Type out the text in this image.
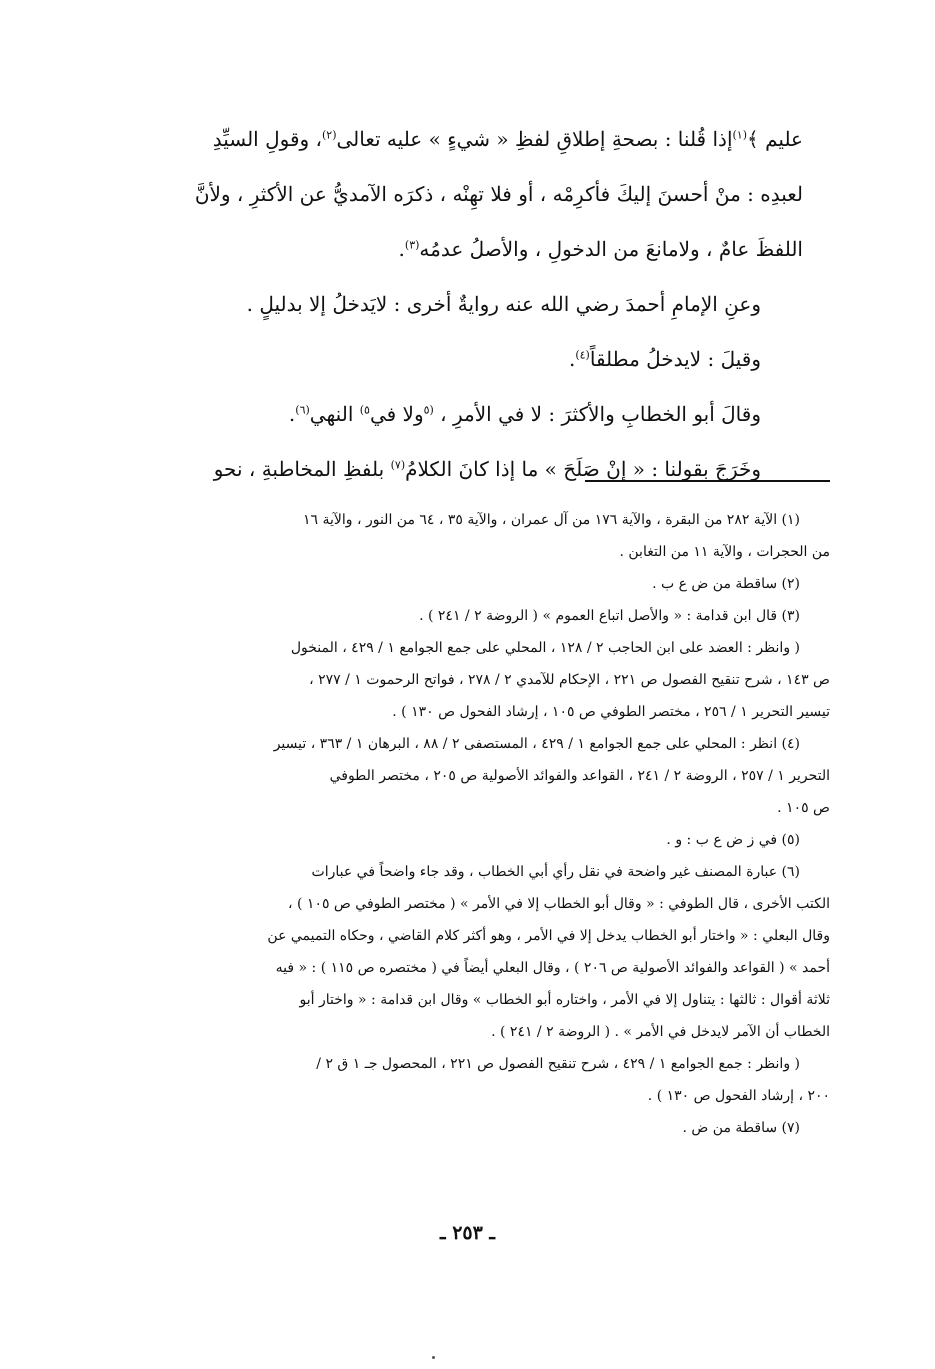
عليم ﴾$^{(١)}$إذا قُلنا : بصحةِ إطلاقِ لفظِ « شيءٍ » عليه تعالى$^{(٢)}$، وقولِ السيِّدِ
لعبدِه : منْ أحسنَ إليكَ فأكرِمْه ، أو فلا تهِنْه ، ذكرَه الآمديُّ عن الأكثرِ ، ولأنَّ
اللفظَ عامٌ ، ولامانعَ من الدخولِ ، والأصلُ عدمُه$^{(٣)}$.
وعنِ الإمامِ أحمدَ رضي الله عنه روايةٌ أخرى : لايَدخلُ إلا بدليلٍ .
وقيلَ : لايدخلُ مطلقاً$^{(٤)}$.
وقالَ أبو الخطابِ والأكثرَ : لا في الأمرِ ، $^{(٥}$ولا في$^{٥)}$ النهي$^{(٦)}$.
وخَرَجَ بقولنا : « إنْ صَلَحَ » ما إذا كانَ الكلامُ$^{(٧)}$ بلفظِ المخاطبةِ ، نحو
(١) الآية ٢٨٢ من البقرة ، والآية ١٧٦ من آل عمران ، والآية ٣٥ ، ٦٤ من النور ، والآية ١٦
من الحجرات ، والآية ١١ من التغابن .
(٢) ساقطة من ض ع ب .
(٣) قال ابن قدامة : « والأصل اتباع العموم » ( الروضة ٢ / ٢٤١ ) .
( وانظر : العضد على ابن الحاجب ٢ / ١٢٨ ، المحلي على جمع الجوامع ١ / ٤٢٩ ، المنخول
ص ١٤٣ ، شرح تنقيح الفصول ص ٢٢١ ، الإحكام للآمدي ٢ / ٢٧٨ ، فواتح الرحموت ١ / ٢٧٧ ،
تيسير التحرير ١ / ٢٥٦ ، مختصر الطوفي ص ١٠٥ ، إرشاد الفحول ص ١٣٠ ) .
(٤) انظر : المحلي على جمع الجوامع ١ / ٤٢٩ ، المستصفى ٢ / ٨٨ ، البرهان ١ / ٣٦٣ ، تيسير
التحرير ١ / ٢٥٧ ، الروضة ٢ / ٢٤١ ، القواعد والفوائد الأصولية ص ٢٠٥ ، مختصر الطوفي
ص ١٠٥ .
(٥) في ز ض ع ب : و .
(٦) عبارة المصنف غير واضحة في نقل رأي أبي الخطاب ، وقد جاء واضحاً في عبارات
الكتب الأخرى ، قال الطوفي : « وقال أبو الخطاب إلا في الأمر » ( مختصر الطوفي ص ١٠٥ ) ،
وقال البعلي : « واختار أبو الخطاب يدخل إلا في الأمر ، وهو أكثر كلام القاضي ، وحكاه التميمي عن
أحمد » ( القواعد والفوائد الأصولية ص ٢٠٦ ) ، وقال البعلي أيضاً في ( مختصره ص ١١٥ ) : « فيه
ثلاثة أقوال : ثالثها : يتناول إلا في الأمر ، واختاره أبو الخطاب » وقال ابن قدامة : « واختار أبو
الخطاب أن الآمر لايدخل في الأمر » . ( الروضة ٢ / ٢٤١ ) .
( وانظر : جمع الجوامع ١ / ٤٢٩ ، شرح تنقيح الفصول ص ٢٢١ ، المحصول جـ ١ ق ٢ /
٢٠٠ ، إرشاد الفحول ص ١٣٠ ) .
(٧) ساقطة من ض .
ـ ٢٥٣ ـ
